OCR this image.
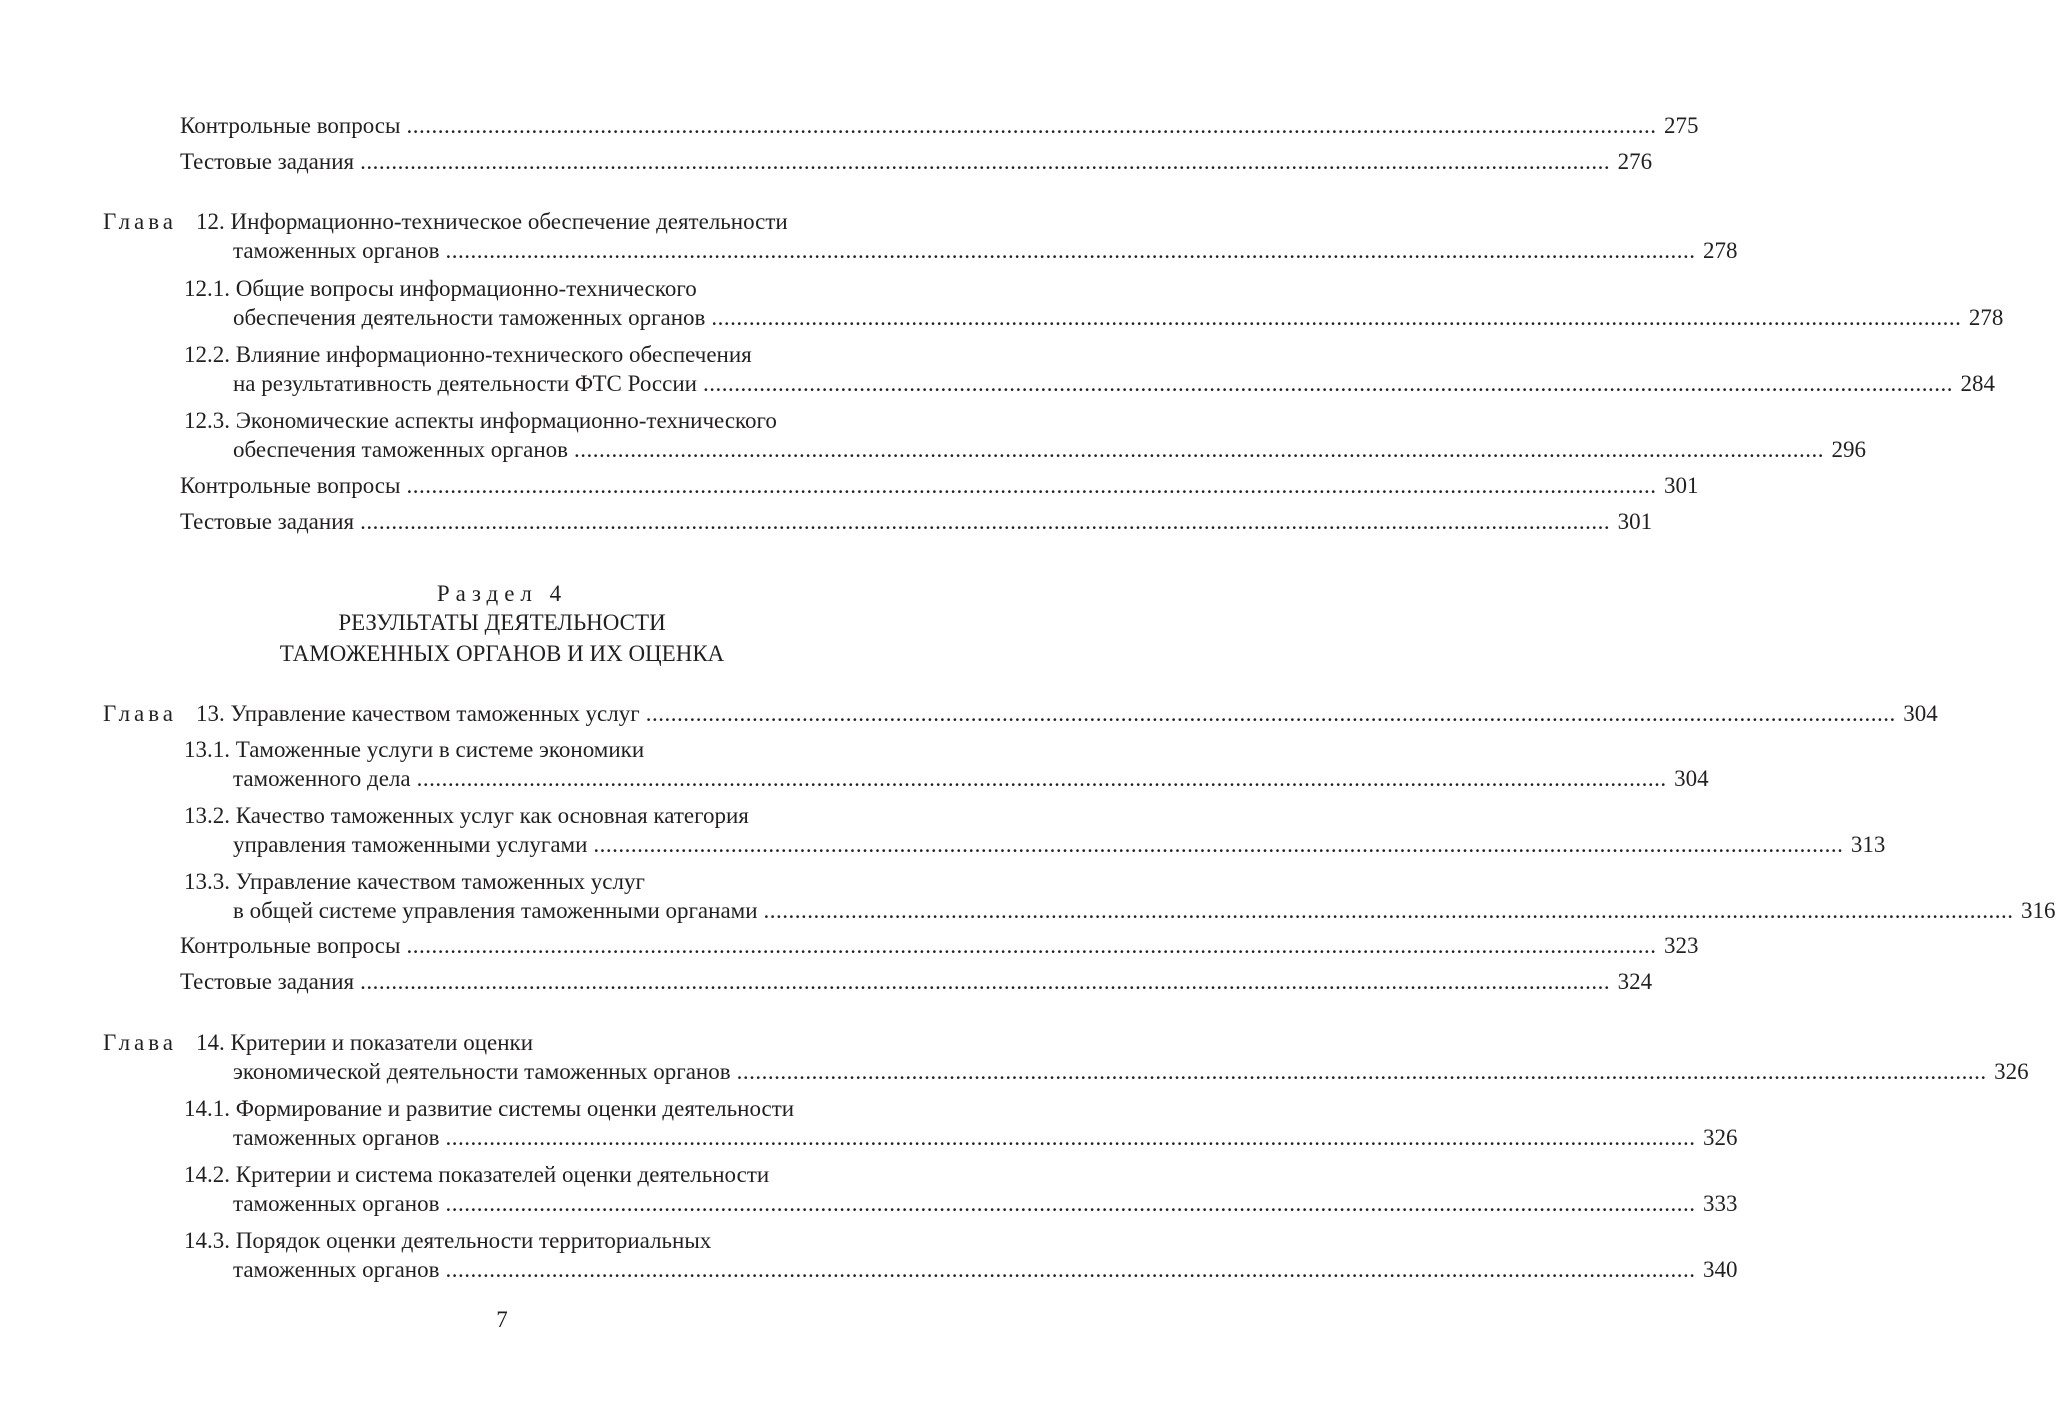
Контрольные вопросы ........................................................................................................................................................................................................ 275
Тестовые задания ........................................................................................................................................................................................................ 276
Глава 12. Информационно-техническое обеспечение деятельности
таможенных органов ........................................................................................................................................................................................................ 278
12.1. Общие вопросы информационно-технического
обеспечения деятельности таможенных органов ........................................................................................................................................................................................................ 278
12.2. Влияние информационно-технического обеспечения
на результативность деятельности ФТС России ........................................................................................................................................................................................................ 284
12.3. Экономические аспекты информационно-технического
обеспечения таможенных органов ........................................................................................................................................................................................................ 296
Контрольные вопросы ........................................................................................................................................................................................................ 301
Тестовые задания ........................................................................................................................................................................................................ 301
Раздел 4
РЕЗУЛЬТАТЫ ДЕЯТЕЛЬНОСТИ
ТАМОЖЕННЫХ ОРГАНОВ И ИХ ОЦЕНКА
Глава 13. Управление качеством таможенных услуг ........................................................................................................................................................................................................ 304
13.1. Таможенные услуги в системе экономики
таможенного дела ........................................................................................................................................................................................................ 304
13.2. Качество таможенных услуг как основная категория
управления таможенными услугами ........................................................................................................................................................................................................ 313
13.3. Управление качеством таможенных услуг
в общей системе управления таможенными органами ........................................................................................................................................................................................................ 316
Контрольные вопросы ........................................................................................................................................................................................................ 323
Тестовые задания ........................................................................................................................................................................................................ 324
Глава 14. Критерии и показатели оценки
экономической деятельности таможенных органов ........................................................................................................................................................................................................ 326
14.1. Формирование и развитие системы оценки деятельности
таможенных органов ........................................................................................................................................................................................................ 326
14.2. Критерии и система показателей оценки деятельности
таможенных органов ........................................................................................................................................................................................................ 333
14.3. Порядок оценки деятельности территориальных
таможенных органов ........................................................................................................................................................................................................ 340
7
